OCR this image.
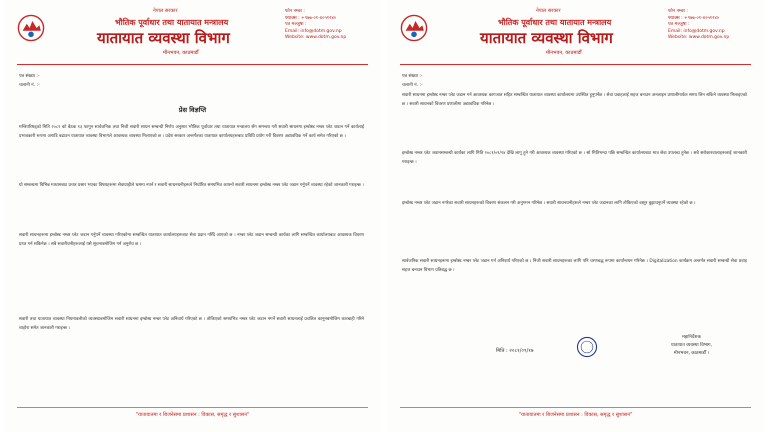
नेपाल सरकार
भौतिक पूर्वाधार तथा यातायात मन्त्रालय
यातायात व्यवस्था विभाग
मीनभवन, काठमाडौँ
फोन नम्बर :
फ्याक्स : +९७७-०१-४०५१२४०
पत्र मञ्जुषा :
Email: info@dotm.gov.np
Website: www.dotm.gov.np
पत्र संख्या :-
चलानी नं. :-
प्रेस विज्ञप्ति

मन्त्रिपरिषद्को मिति २०८१ को बैठक १३ फागुन सार्वजनिक तथा निजी सवारी साधन सम्बन्धी निर्णय अनुसार भौतिक पूर्वाधार तथा यातायात मन्त्रालय सँग समन्वय गरी सवारी साधनमा इम्बोस्ड नम्बर प्लेट जडान गर्ने कार्यलाई प्रभावकारी रूपमा अगाडि बढाउन यातायात व्यवस्था विभागले आवश्यक व्यवस्था मिलाएको छ । प्रदेश सरकार अन्तर्गतका यातायात कार्यालयहरूबाट प्रविधि प्रयोग गरी विवरण अद्यावधिक गर्ने कार्य समेत गरिएको छ ।

यो सम्बन्धमा विभिन्न माध्यमबाट प्रचार प्रसार भएका विषयहरूमा सेवाग्राहीले भ्रममा नपर्न र सवारी साधनधनीहरूले निर्धारित समयभित्र आफ्नो सवारी साधनमा इम्बोस्ड नम्बर प्लेट जडान गर्नुपर्ने व्यवस्था रहेको जानकारी गराइन्छ ।

सवारी साधनहरूमा इम्बोस्ड नम्बर प्लेट जडान गर्नुपर्ने व्यवस्था गरिएकोमा सम्बन्धित यातायात कार्यालयहरूबाट सेवा प्रदान गरिँदै आएको छ । नम्बर प्लेट जडान सम्बन्धी कार्यका लागि सम्बन्धित कार्यालयबाट आवश्यक विवरण प्राप्त गर्न सकिनेछ । सबै सवारीधनीहरूलाई यसै सूचनाबमोजिम गर्न अनुरोध छ ।

सवारी तथा यातायात व्यवस्था नियमावलीको व्यवस्थाबमोजिम सवारी साधनमा इम्बोस्ड नम्बर प्लेट अनिवार्य गरिएको छ । तोकिएको समयभित्र नम्बर प्लेट जडान नगर्ने सवारी साधनलाई प्रचलित कानुनबमोजिम कारबाही गरिने व्यहोरा समेत जानकारी गराइन्छ ।

"यातायातमा र बिजनेसमा प्रशासन : विकास, समृद्ध र सुशासन"
नेपाल सरकार
भौतिक पूर्वाधार तथा यातायात मन्त्रालय
यातायात व्यवस्था विभाग
मीनभवन, काठमाडौँ
फोन नम्बर :
फ्याक्स : +९७७-०१-४०५१२४०
पत्र मञ्जुषा :
Email: info@dotm.gov.np
Website: www.dotm.gov.np
पत्र संख्या :-
चलानी नं. :-

सवारी साधनमा इम्बोस्ड नम्बर प्लेट जडान गर्न आवश्यक कागजात सहित सम्बन्धित यातायात व्यवस्था कार्यालयमा उपस्थित हुनुपर्नेछ । सेवा प्रवाहलाई सहज बनाउन अनलाइन प्रणालीमार्फत समय लिन सकिने व्यवस्था मिलाइएको छ । सवारी साधनको विवरण प्रणालीमा अद्यावधिक गरिनेछ ।

इम्बोस्ड नम्बर प्लेट जडानसम्बन्धी कार्यका लागि मिति २०८१/०९/१४ देखि लागू हुने गरी आवश्यक व्यवस्था गरिएको छ । सो मितिभन्दा पछि सम्बन्धित कार्यालयबाट मात्र सेवा उपलब्ध हुनेछ । सबै सरोकारवालाहरूलाई जानकारी गराइन्छ ।

इम्बोस्ड नम्बर प्लेट जडान नगरेका सवारी साधनहरूको विवरण संकलन गरी अनुगमन गरिनेछ । सवारी साधनधनीहरूले नम्बर प्लेट जडानका लागि तोकिएको दस्तुर बुझाउनुपर्ने व्यवस्था रहेको छ ।

सार्वजनिक सवारी साधनहरूमा इम्बोस्ड नम्बर प्लेट जडान गर्न अनिवार्य गरिएको छ । निजी सवारी साधनहरूका लागि पनि चरणबद्ध रूपमा कार्यान्वयन गरिनेछ । Digitalization कार्यक्रम अन्तर्गत सवारी सम्बन्धी सेवा प्रवाह सहज बनाउन विभाग प्रतिबद्ध छ ।

मिति : २०८१/०९/१७
महानिर्देशक
यातायात व्यवस्था विभाग,
मीनभवन, काठमाडौँ ।
"यातायातमा र बिजनेसमा प्रशासन : विकास, समृद्ध र सुशासन"
